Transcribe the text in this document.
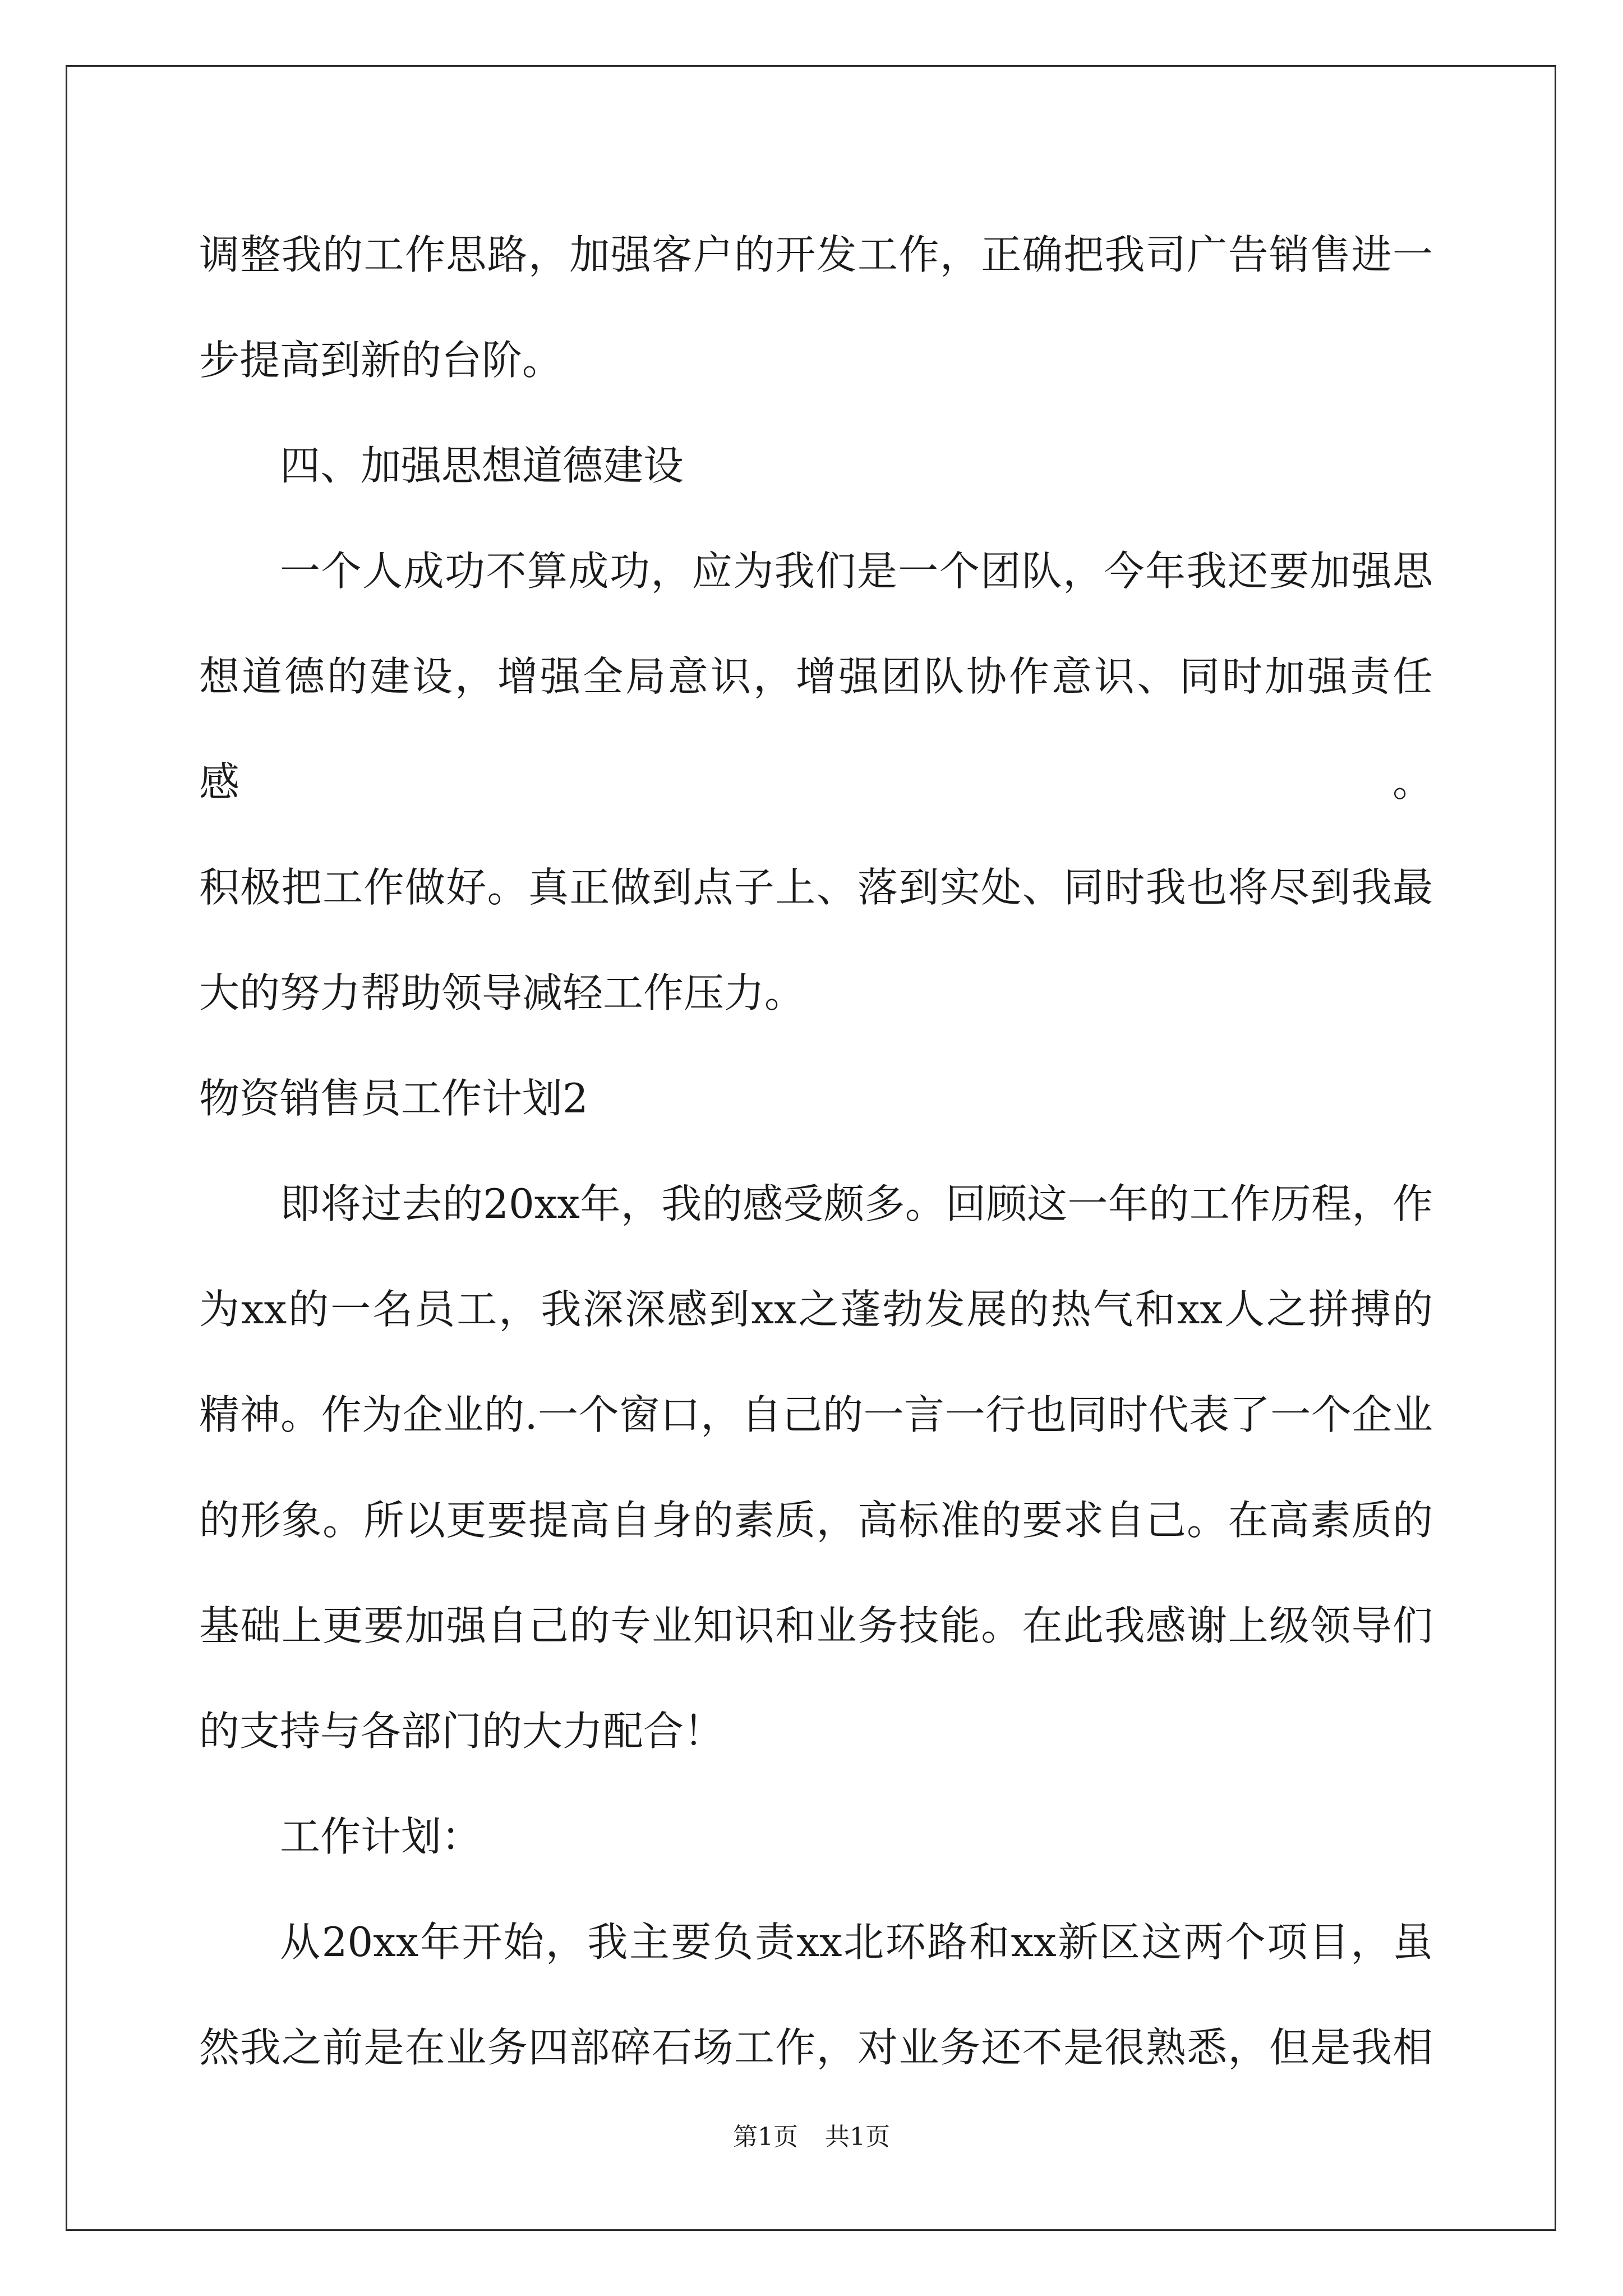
调整我的工作思路，加强客户的开发工作，正确把我司广告销售进一

步提高到新的台阶。

四、加强思想道德建设

一个人成功不算成功，应为我们是一个团队，今年我还要加强思

想道德的建设，增强全局意识，增强团队协作意识、同时加强责任感。

积极把工作做好。真正做到点子上、落到实处、同时我也将尽到我最

大的努力帮助领导减轻工作压力。

物资销售员工作计划2

即将过去的20xx年，我的感受颇多。回顾这一年的工作历程，作

为xx的一名员工，我深深感到xx之蓬勃发展的热气和xx人之拼搏的

精神。作为企业的.一个窗口，自己的一言一行也同时代表了一个企业

的形象。所以更要提高自身的素质，高标准的要求自己。在高素质的

基础上更要加强自己的专业知识和业务技能。在此我感谢上级领导们

的支持与各部门的大力配合！

工作计划：

从20xx年开始，我主要负责xx北环路和xx新区这两个项目，虽

然我之前是在业务四部碎石场工作，对业务还不是很熟悉，但是我相

第1页 共1页
